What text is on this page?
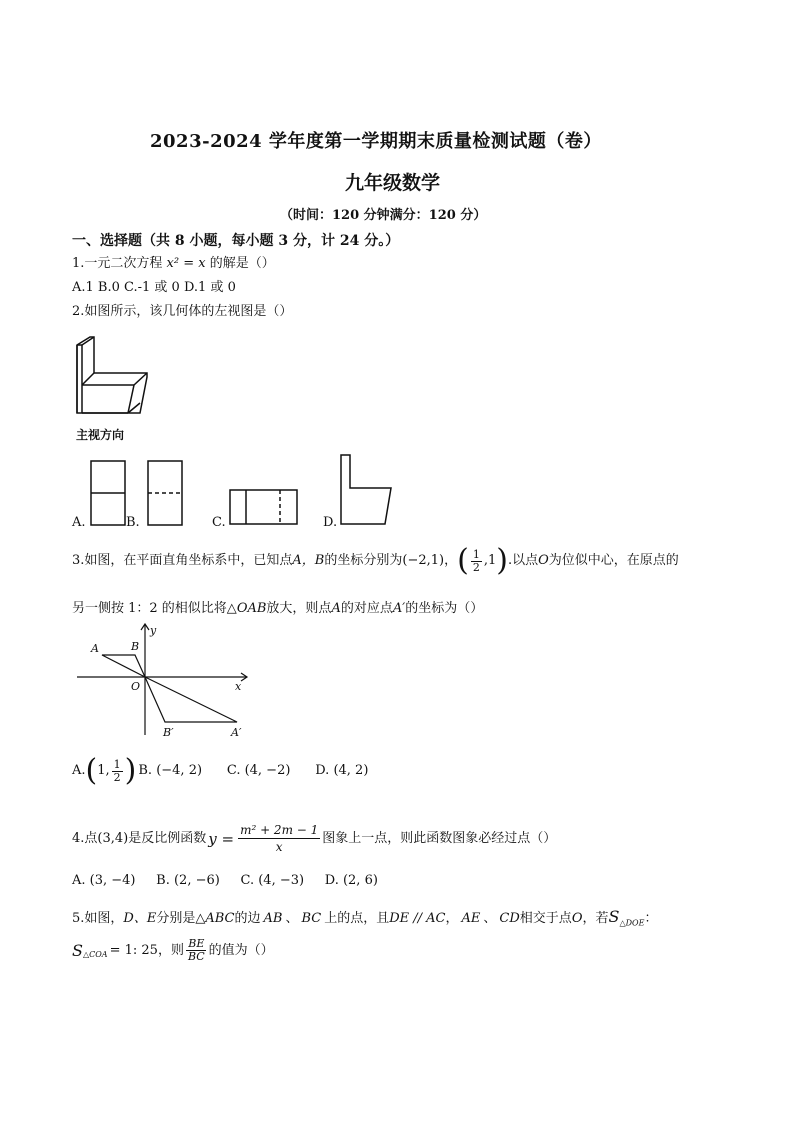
2023-2024 学年度第一学期期末质量检测试题（卷）
九年级数学
（时间：120 分钟满分：120 分）
一、选择题（共 8 小题，每小题 3 分，计 24 分。）
1.一元二次方程 x² = x 的解是（）
A.1 B.0 C.-1 或 0 D.1 或 0
2.如图所示，该几何体的左视图是（）
主视方向
A.	B.	C.	D.
3.如图，在平面直角坐标系中，已知点 A，B 的坐标分别为 (−2,1) ， ( $\frac{1}{2} ,1$ ) .以点 O 为位似中心，在原点的
另一侧按 1：2 的相似比将△OAB放大，则点A的对应点A′的坐标为（）
y
x
A	B
O
B′	A′
A. ( 1, $\frac{1}{2}$ ) B. (−4, 2)      C. (4, −2)      D. (4, 2)
4.点 (3,4) 是反比例函数 $y = \frac{\text{m² + 2m − 1}}{x}$ 图象上一点，则此函数图象必经过点（）
A. (3, −4)     B. (2, −6)     C. (4, −3)     D. (2, 6)
5.如图，D、E分别是△ABC的边 AB 、 BC 上的点，且DE // AC， AE 、 CD相交于点O，若$S_{\triangle DOE}$：
$S_{\triangle COA} = 1$: 25 ，则 $\frac{BE}{BC}$ 的值为（）
